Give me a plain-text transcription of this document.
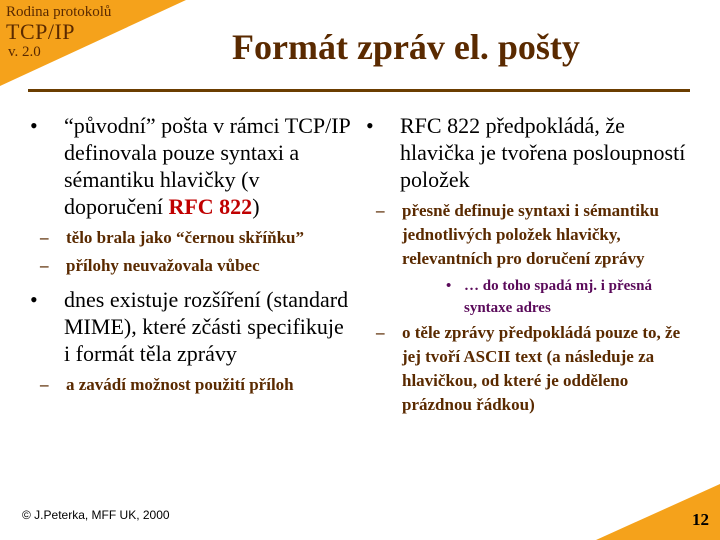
Rodina protokolů
TCP/IP
v. 2.0	Formát zpráv el. pošty
• “původní” pošta v rámci TCP/IP definovala pouze syntaxi a sémantiku hlavičky (v doporučení RFC 822)
– tělo brala jako “černou skříňku”
– přílohy neuvažovala vůbec
• dnes existuje rozšíření (standard MIME), které zčásti specifikuje i formát těla zprávy
– a zavádí možnost použití příloh
• RFC 822 předpokládá, že hlavička je tvořena posloupností položek
– přesně definuje syntaxi i sémantiku jednotlivých položek hlavičky, relevantních pro doručení zprávy
• … do toho spadá mj. i přesná syntaxe adres
– o těle zprávy předpokládá pouze to, že jej tvoří ASCII text (a následuje za hlavičkou, od které je odděleno prázdnou řádkou)
© J.Peterka, MFF UK, 2000	12
